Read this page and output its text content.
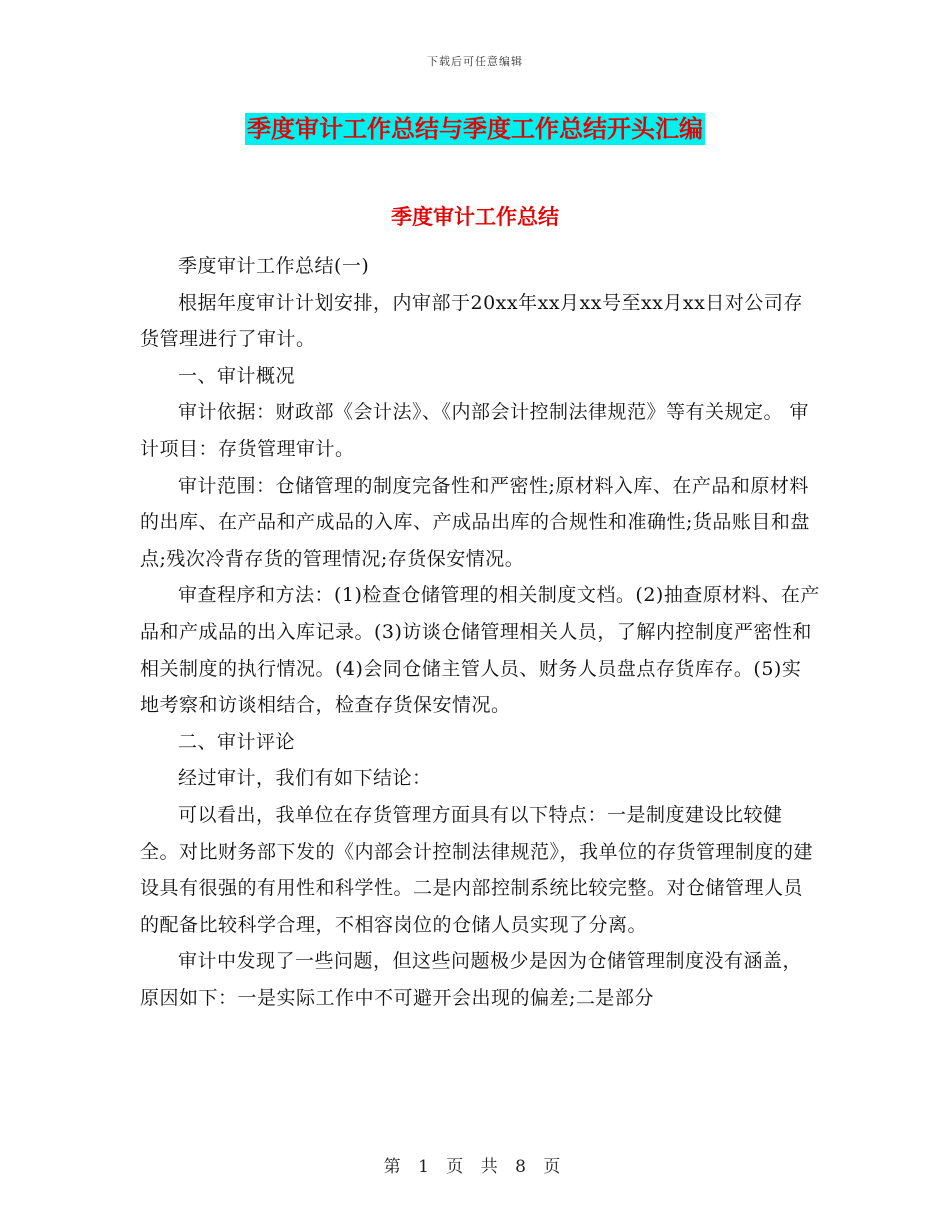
下载后可任意编辑
季度审计工作总结与季度工作总结开头汇编
季度审计工作总结

季度审计工作总结(一)

根据年度审计计划安排，内审部于20xx年xx月xx号至xx月xx日对公司存货管理进行了审计。

一、审计概况

审计依据：财政部《会计法》、《内部会计控制法律规范》等有关规定。 审计项目：存货管理审计。

审计范围：仓储管理的制度完备性和严密性;原材料入库、在产品和原材料的出库、在产品和产成品的入库、产成品出库的合规性和准确性;货品账目和盘点;残次冷背存货的管理情况;存货保安情况。

审查程序和方法：(1)检查仓储管理的相关制度文档。(2)抽查原材料、在产品和产成品的出入库记录。(3)访谈仓储管理相关人员，了解内控制度严密性和相关制度的执行情况。(4)会同仓储主管人员、财务人员盘点存货库存。(5)实地考察和访谈相结合，检查存货保安情况。

二、审计评论

经过审计，我们有如下结论：

可以看出，我单位在存货管理方面具有以下特点：一是制度建设比较健全。对比财务部下发的《内部会计控制法律规范》，我单位的存货管理制度的建设具有很强的有用性和科学性。二是内部控制系统比较完整。对仓储管理人员的配备比较科学合理，不相容岗位的仓储人员实现了分离。

审计中发现了一些问题，但这些问题极少是因为仓储管理制度没有涵盖，原因如下：一是实际工作中不可避开会出现的偏差;二是部分

第 1 页 共 8 页
